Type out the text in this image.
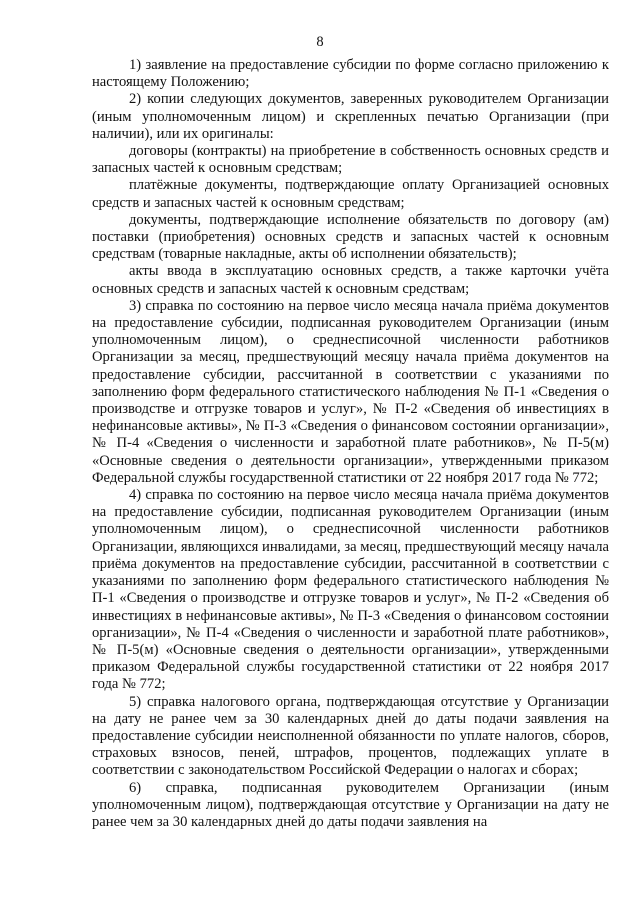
8

1) заявление на предоставление субсидии по форме согласно приложению к настоящему Положению;

2) копии следующих документов, заверенных руководителем Организации (иным уполномоченным лицом) и скрепленных печатью Организации (при наличии), или их оригиналы:

договоры (контракты) на приобретение в собственность основных средств и запасных частей к основным средствам;

платёжные документы, подтверждающие оплату Организацией основных средств и запасных частей к основным средствам;

документы, подтверждающие исполнение обязательств по договору (ам) поставки (приобретения) основных средств и запасных частей к основным средствам (товарные накладные, акты об исполнении обязательств);

акты ввода в эксплуатацию основных средств, а также карточки учёта основных средств и запасных частей к основным средствам;

3) справка по состоянию на первое число месяца начала приёма документов на предоставление субсидии, подписанная руководителем Организации (иным уполномоченным лицом), о среднесписочной численности работников Организации за месяц, предшествующий месяцу начала приёма документов на предоставление субсидии, рассчитанной в соответствии с указаниями по заполнению форм федерального статистического наблюдения № П-1 «Сведения о производстве и отгрузке товаров и услуг», № П-2 «Сведения об инвестициях в нефинансовые активы», № П-3 «Сведения о финансовом состоянии организации», № П-4 «Сведения о численности и заработной плате работников», № П-5(м) «Основные сведения о деятельности организации», утвержденными приказом Федеральной службы государственной статистики от 22 ноября 2017 года № 772;

4) справка по состоянию на первое число месяца начала приёма документов на предоставление субсидии, подписанная руководителем Организации (иным уполномоченным лицом), о среднесписочной численности работников Организации, являющихся инвалидами, за месяц, предшествующий месяцу начала приёма документов на предоставление субсидии, рассчитанной в соответствии с указаниями по заполнению форм федерального статистического наблюдения № П-1 «Сведения о производстве и отгрузке товаров и услуг», № П-2 «Сведения об инвестициях в нефинансовые активы», № П-3 «Сведения о финансовом состоянии организации», № П-4 «Сведения о численности и заработной плате работников», № П-5(м) «Основные сведения о деятельности организации», утвержденными приказом Федеральной службы государственной статистики от 22 ноября 2017 года № 772;

5) справка налогового органа, подтверждающая отсутствие у Организации на дату не ранее чем за 30 календарных дней до даты подачи заявления на предоставление субсидии неисполненной обязанности по уплате налогов, сборов, страховых взносов, пеней, штрафов, процентов, подлежащих уплате в соответствии с законодательством Российской Федерации о налогах и сборах;

6) справка, подписанная руководителем Организации (иным уполномоченным лицом), подтверждающая отсутствие у Организации на дату не ранее чем за 30 календарных дней до даты подачи заявления на
